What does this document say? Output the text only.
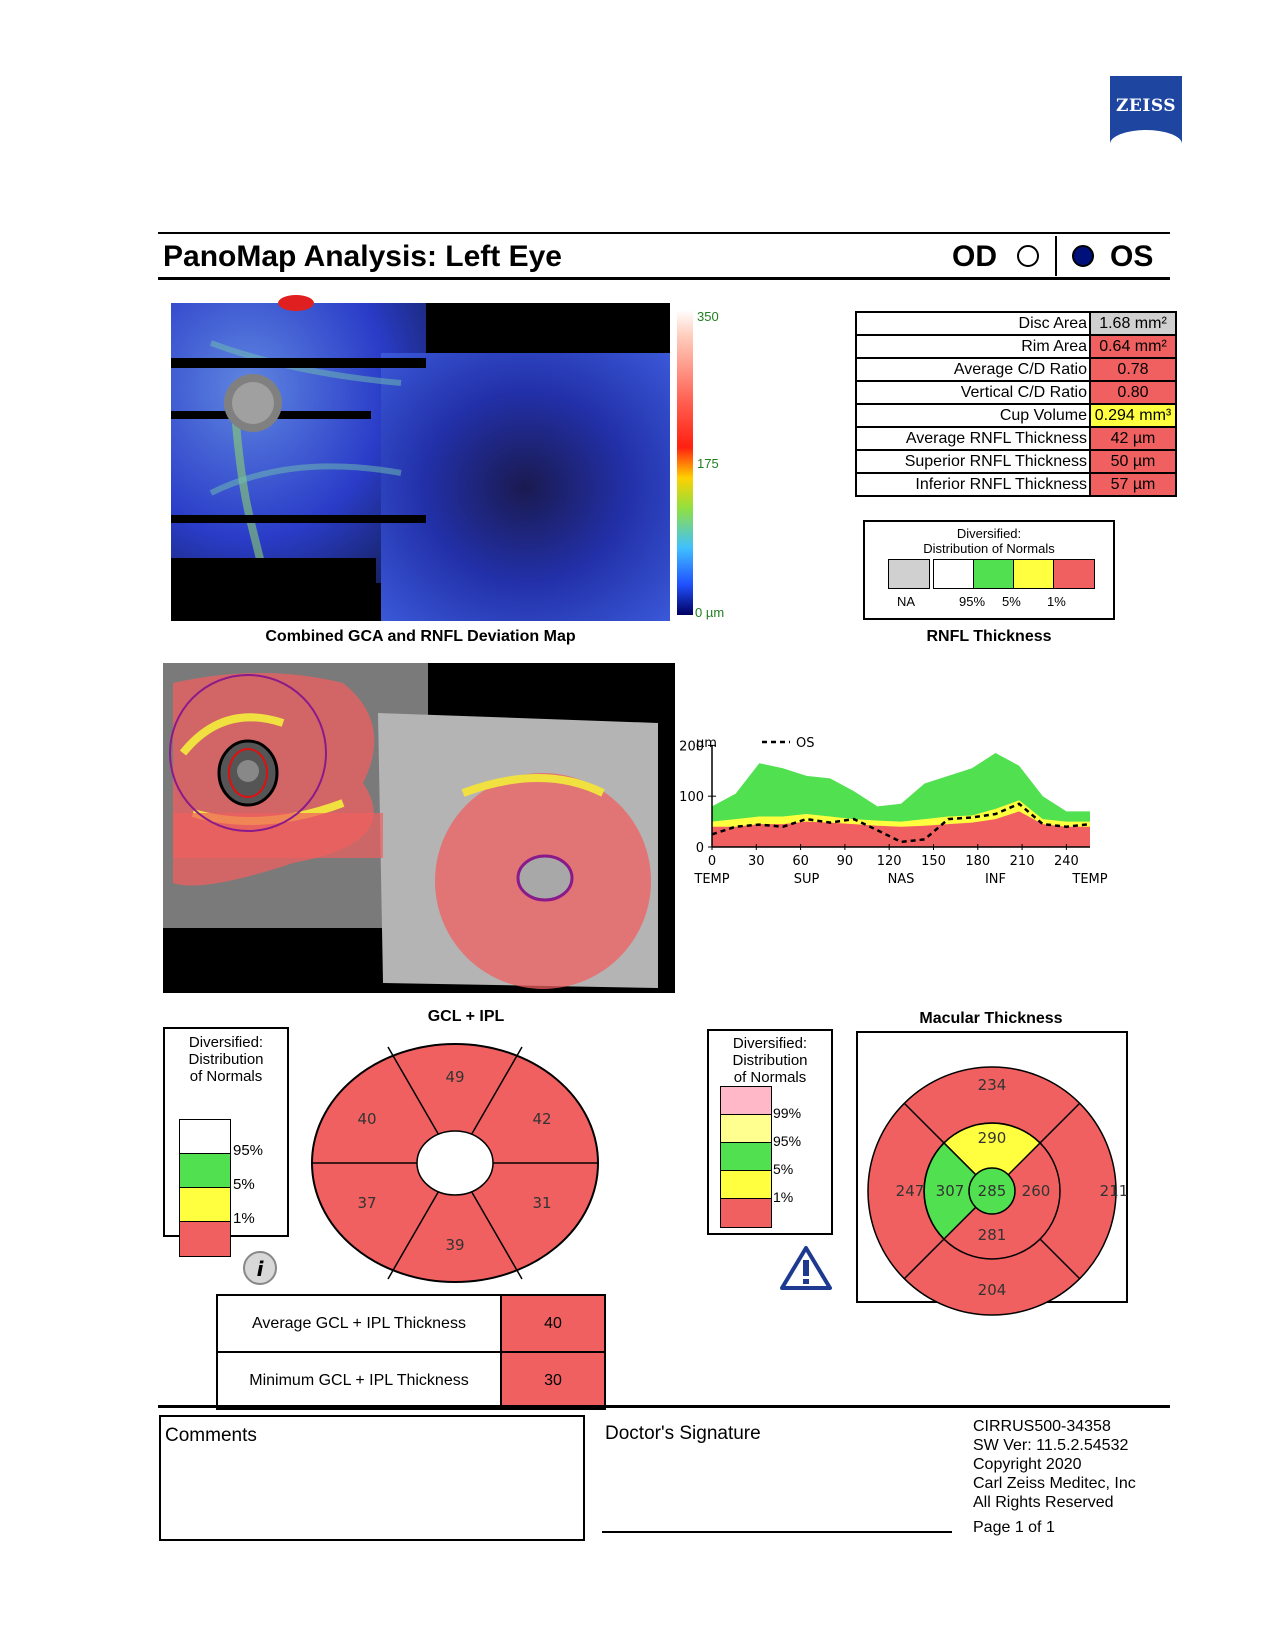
ZEISS
PanoMap Analysis: Left Eye	OD	OS
350
175
0 µm
Combined GCA and RNFL Deviation Map
Disc Area	1.68 mm²
Rim Area	0.64 mm²
Average C/D Ratio	0.78
Vertical C/D Ratio	0.80
Cup Volume	0.294 mm³
Average RNFL Thickness	42 µm
Superior RNFL Thickness	50 µm
Inferior RNFL Thickness	57 µm
Diversified:
Distribution of Normals
NA	95% 5% 1%
RNFL Thickness
200
100
0
0 30 60 90 120 150 180 210 240
TEMP	SUP	NAS	INF	TEMP
µm	OS
GCL + IPL
Diversified:
Distribution
of Normals
95%
5%
1%
i
49
40	42
37	31
39
Average GCL + IPL Thickness	40
Minimum GCL + IPL Thickness	30
Diversified:
Distribution
of Normals
99%
95%
5%
1%
Macular Thickness
234
247	211
204
290
307	260
281
285
Comments	Doctor's Signature	CIRRUS500-34358
SW Ver: 11.5.2.54532
Copyright 2020
Carl Zeiss Meditec, Inc
All Rights Reserved
Page 1 of 1
